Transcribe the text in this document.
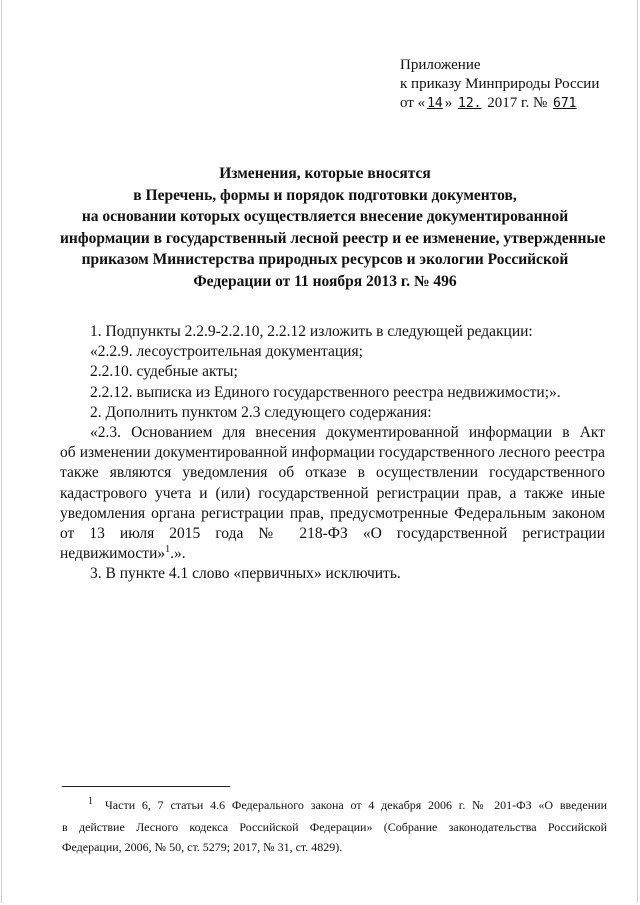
Приложение
к приказу Минприроды России
от « 14 » 12. 2017 г. № 671
Изменения, которые вносятся
в Перечень, формы и порядок подготовки документов,
на основании которых осуществляется внесение документированной
информации в государственный лесной реестр и ее изменение, утвержденные
приказом Министерства природных ресурсов и экологии Российской
Федерации от 11 ноября 2013 г. № 496

1. Подпункты 2.2.9-2.2.10, 2.2.12 изложить в следующей редакции:

«2.2.9. лесоустроительная документация;

2.2.10. судебные акты;

2.2.12. выписка из Единого государственного реестра недвижимости;».

2. Дополнить пунктом 2.3 следующего содержания:

«2.3. Основанием для внесения документированной информации в Акт
об изменении документированной информации государственного лесного реестра
также являются уведомления об отказе в осуществлении государственного
кадастрового учета и (или) государственной регистрации прав, а также иные
уведомления органа регистрации прав, предусмотренные Федеральным законом
от 13 июля 2015 года № 218-ФЗ «О государственной регистрации
недвижимости»$^1$.».

3. В пункте 4.1 слово «первичных» исключить.

$^1$ Части 6, 7 статьи 4.6 Федерального закона от 4 декабря 2006 г. № 201-ФЗ «О введении
в действие Лесного кодекса Российской Федерации» (Собрание законодательства Российской
Федерации, 2006, № 50, ст. 5279; 2017, № 31, ст. 4829).
